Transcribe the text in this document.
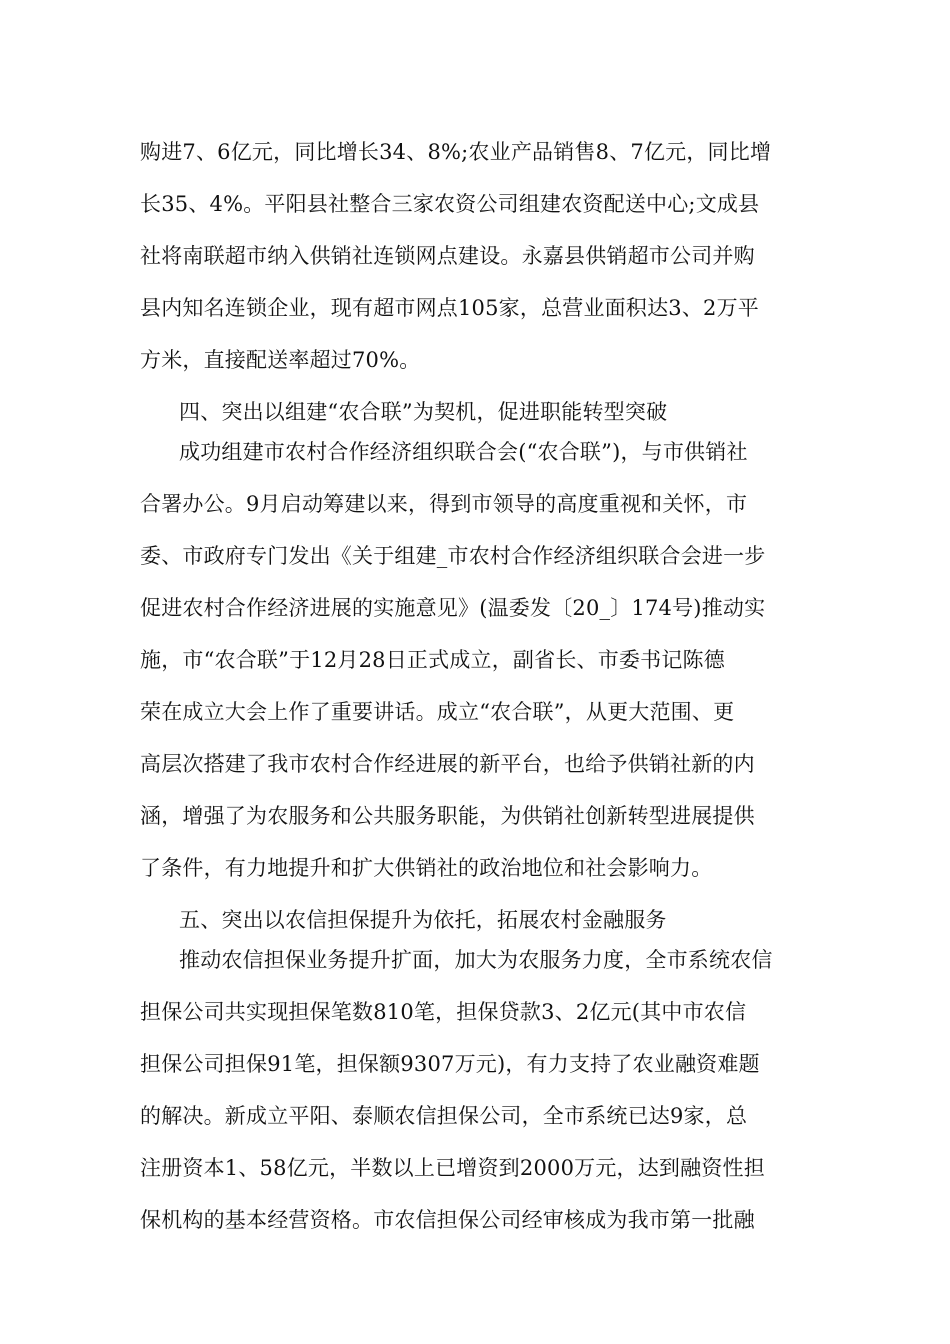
购进7、6亿元，同比增长34、8%;农业产品销售8、7亿元，同比增
长35、4%。平阳县社整合三家农资公司组建农资配送中心;文成县
社将南联超市纳入供销社连锁网点建设。永嘉县供销超市公司并购
县内知名连锁企业，现有超市网点105家，总营业面积达3、2万平
方米，直接配送率超过70%。
四、突出以组建“农合联”为契机，促进职能转型突破
成功组建市农村合作经济组织联合会(“农合联”)，与市供销社
合署办公。9月启动筹建以来，得到市领导的高度重视和关怀，市
委、市政府专门发出《关于组建_市农村合作经济组织联合会进一步
促进农村合作经济进展的实施意见》(温委发〔20_〕174号)推动实
施，市“农合联”于12月28日正式成立，副省长、市委书记陈德
荣在成立大会上作了重要讲话。成立“农合联”，从更大范围、更
高层次搭建了我市农村合作经进展的新平台，也给予供销社新的内
涵，增强了为农服务和公共服务职能，为供销社创新转型进展提供
了条件，有力地提升和扩大供销社的政治地位和社会影响力。
五、突出以农信担保提升为依托，拓展农村金融服务
推动农信担保业务提升扩面，加大为农服务力度，全市系统农信
担保公司共实现担保笔数810笔，担保贷款3、2亿元(其中市农信
担保公司担保91笔，担保额9307万元)，有力支持了农业融资难题
的解决。新成立平阳、泰顺农信担保公司，全市系统已达9家，总
注册资本1、58亿元，半数以上已增资到2000万元，达到融资性担
保机构的基本经营资格。市农信担保公司经审核成为我市第一批融
